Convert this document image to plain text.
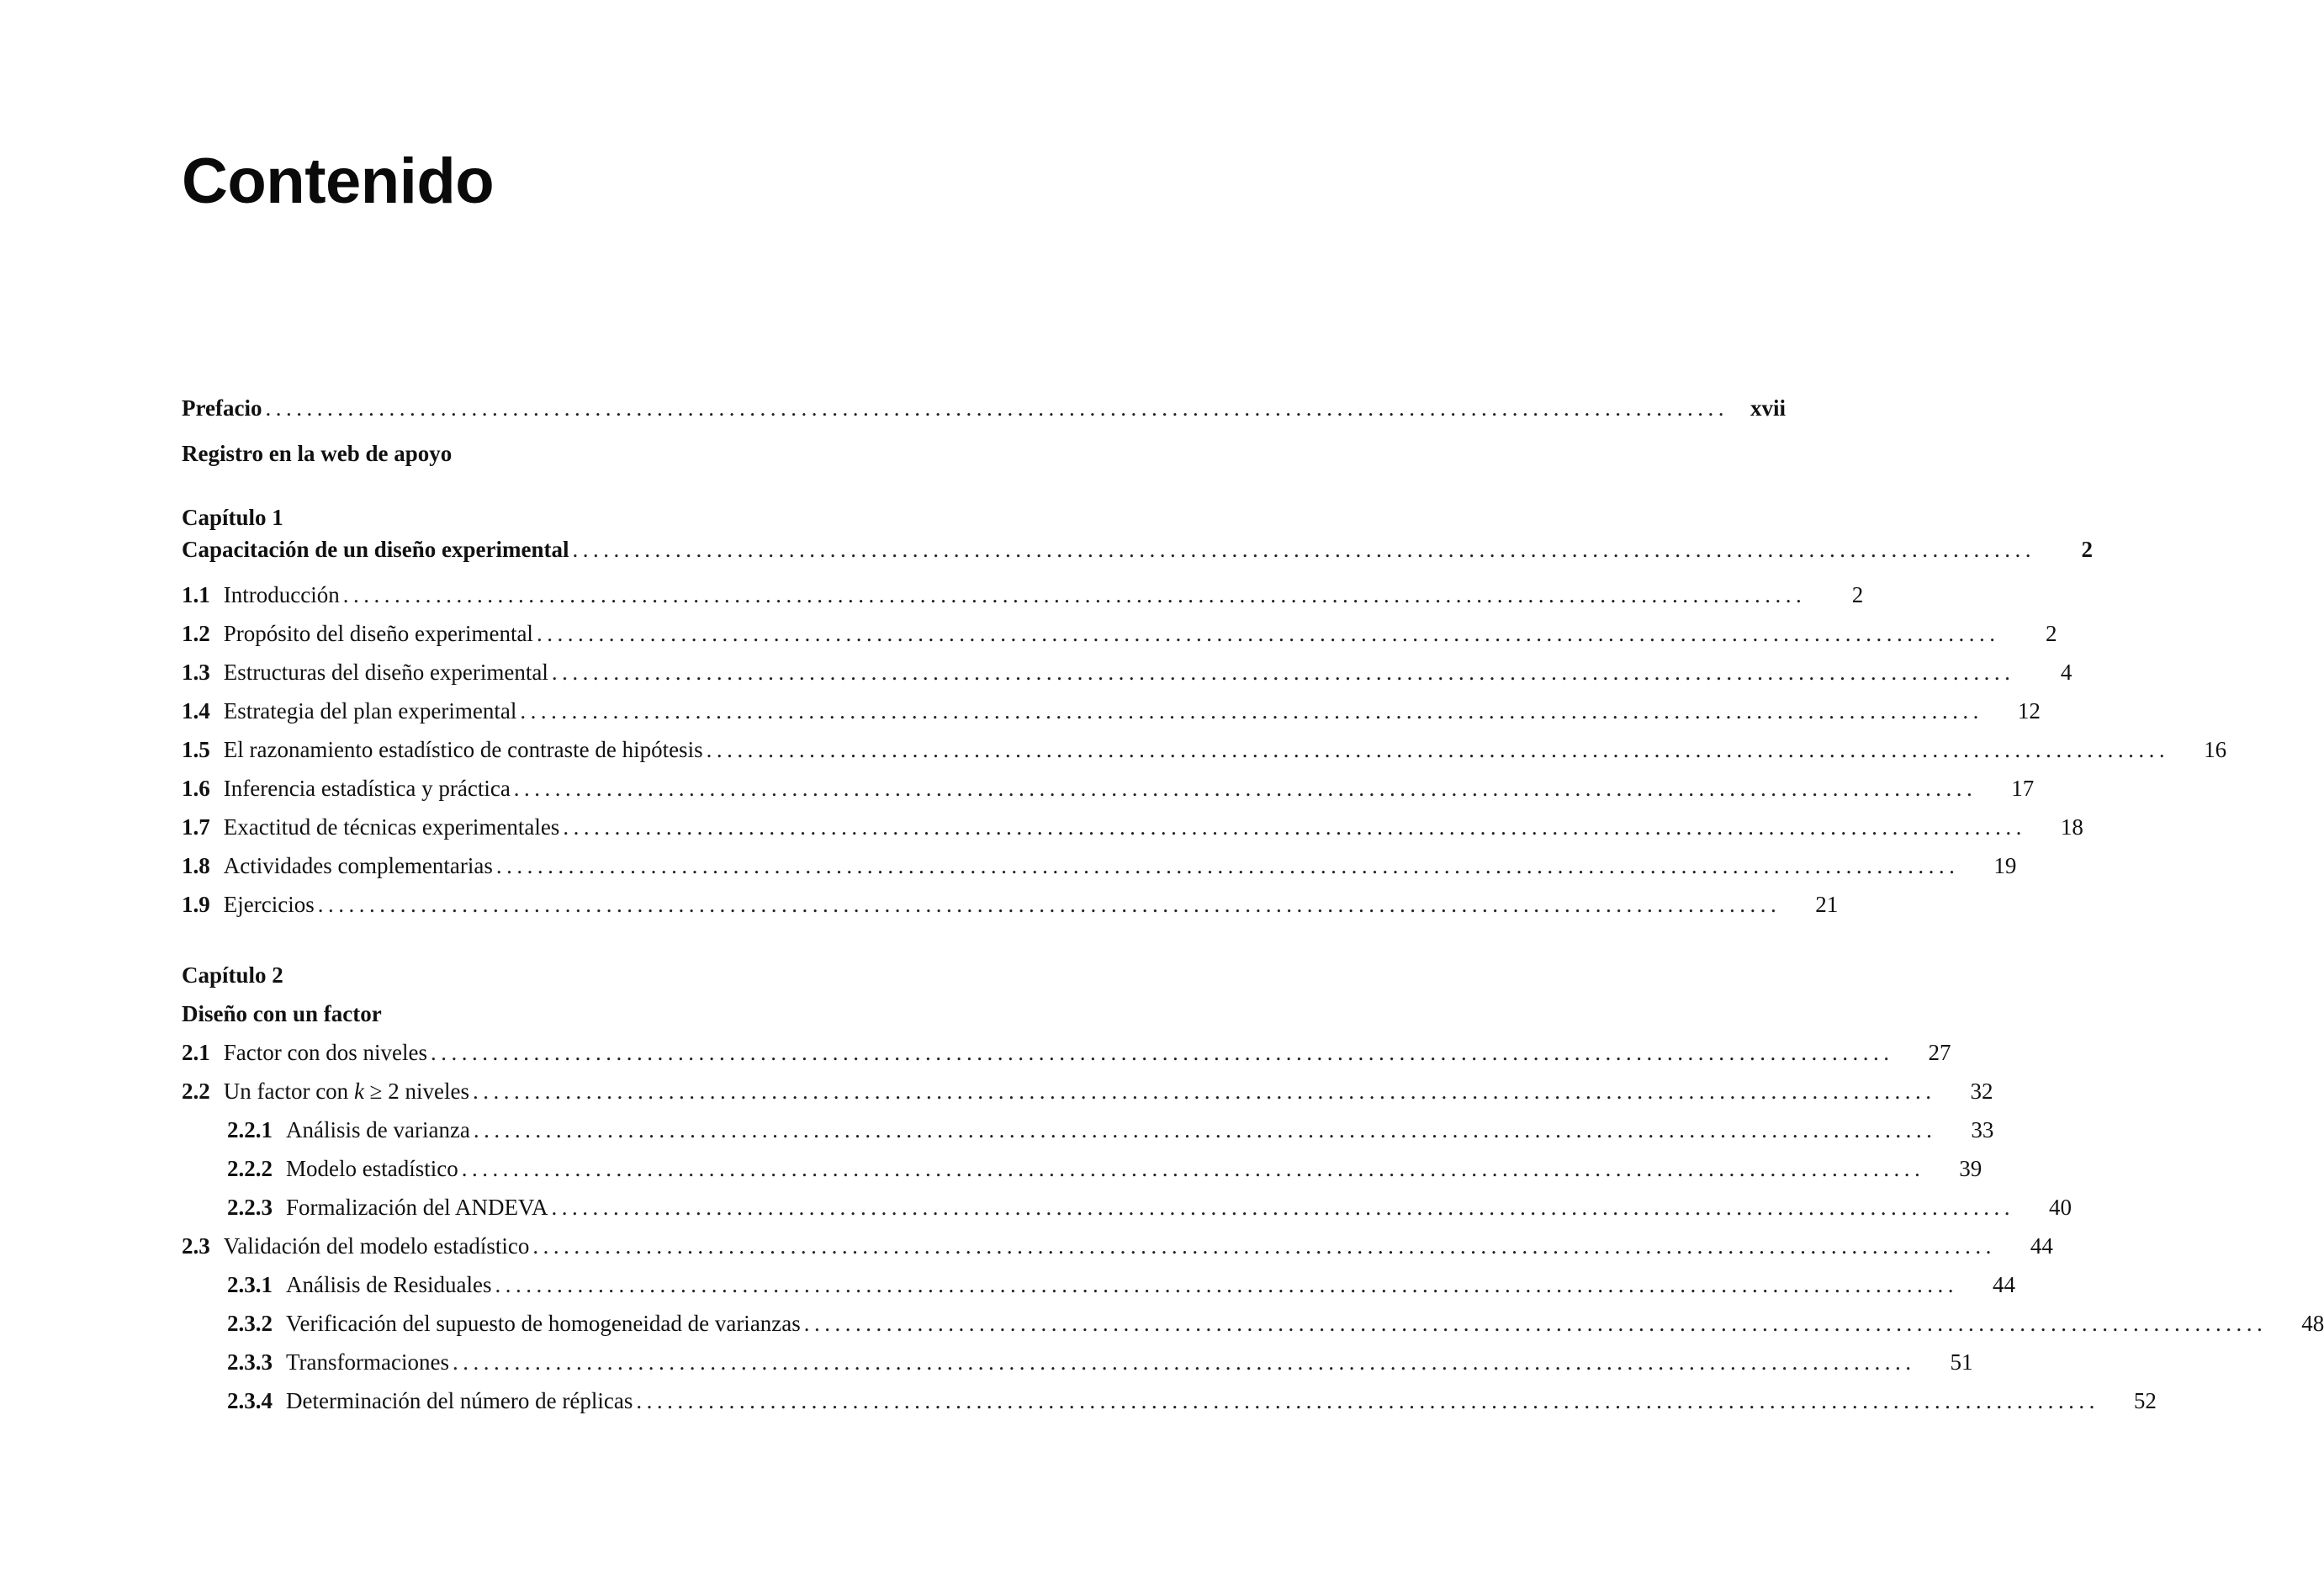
Contenido
Prefacio .............................................................................................................................................. xvii
Registro en la web de apoyo
Capítulo 1
Capacitación de un diseño experimental ..............................................................................................................................................	2
1.1 Introducción ..............................................................................................................................................	2
1.2 Propósito del diseño experimental ..............................................................................................................................................	2
1.3 Estructuras del diseño experimental ..............................................................................................................................................	4
1.4 Estrategia del plan experimental ..............................................................................................................................................	12
1.5 El razonamiento estadístico de contraste de hipótesis ..............................................................................................................................................	16
1.6 Inferencia estadística y práctica ..............................................................................................................................................	17
1.7 Exactitud de técnicas experimentales ..............................................................................................................................................	18
1.8 Actividades complementarias ..............................................................................................................................................	19
1.9 Ejercicios ..............................................................................................................................................	21
Capítulo 2
Diseño con un factor
2.1 Factor con dos niveles ..............................................................................................................................................	27
2.2 Un factor con k ≥ 2 niveles ..............................................................................................................................................	32
2.2.1 Análisis de varianza ..............................................................................................................................................	33
2.2.2 Modelo estadístico ..............................................................................................................................................	39
2.2.3 Formalización del ANDEVA ..............................................................................................................................................	40
2.3 Validación del modelo estadístico ..............................................................................................................................................	44
2.3.1 Análisis de Residuales ..............................................................................................................................................	44
2.3.2 Verificación del supuesto de homogeneidad de varianzas ..............................................................................................................................................	48
2.3.3 Transformaciones ..............................................................................................................................................	51
2.3.4 Determinación del número de réplicas ..............................................................................................................................................	52
